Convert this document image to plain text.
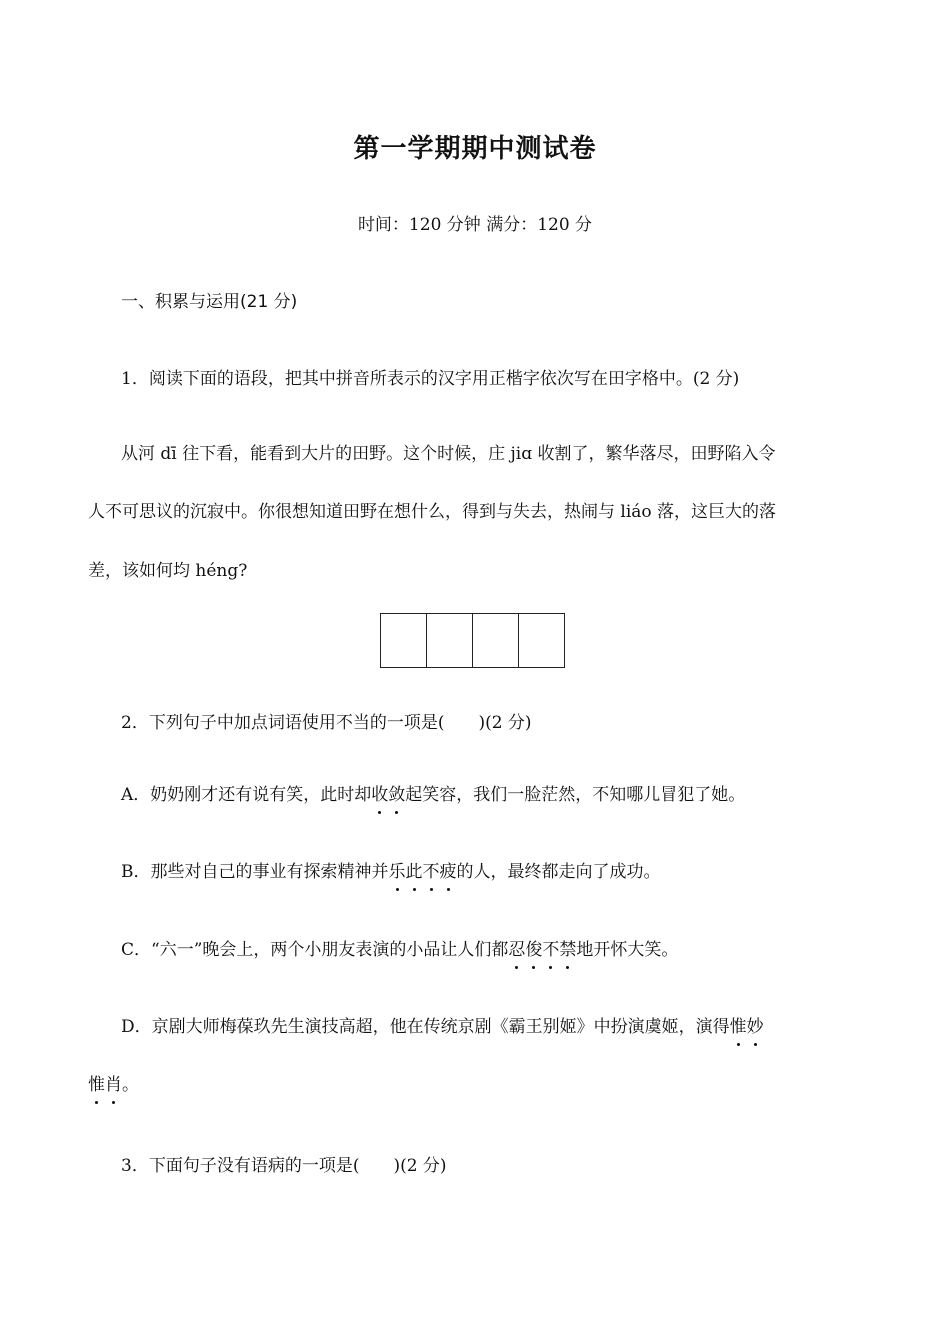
第一学期期中测试卷
时间：120 分钟 满分：120 分
一、积累与运用(21 分)
1．阅读下面的语段，把其中拼音所表示的汉字用正楷字依次写在田字格中。(2 分)
从河 dī 往下看，能看到大片的田野。这个时候，庄 jiɑ 收割了，繁华落尽，田野陷入令
人不可思议的沉寂中。你很想知道田野在想什么，得到与失去，热闹与 liáo 落，这巨大的落
差，该如何均 héng?
2．下列句子中加点词语使用不当的一项是(　　)(2 分)
A．奶奶刚才还有说有笑，此时却收敛起笑容，我们一脸茫然，不知哪儿冒犯了她。
B．那些对自己的事业有探索精神并乐此不疲的人，最终都走向了成功。
C．“六一”晚会上，两个小朋友表演的小品让人们都忍俊不禁地开怀大笑。
D．京剧大师梅葆玖先生演技高超，他在传统京剧《霸王别姬》中扮演虞姬，演得惟妙
惟肖。
3．下面句子没有语病的一项是(　　)(2 分)
